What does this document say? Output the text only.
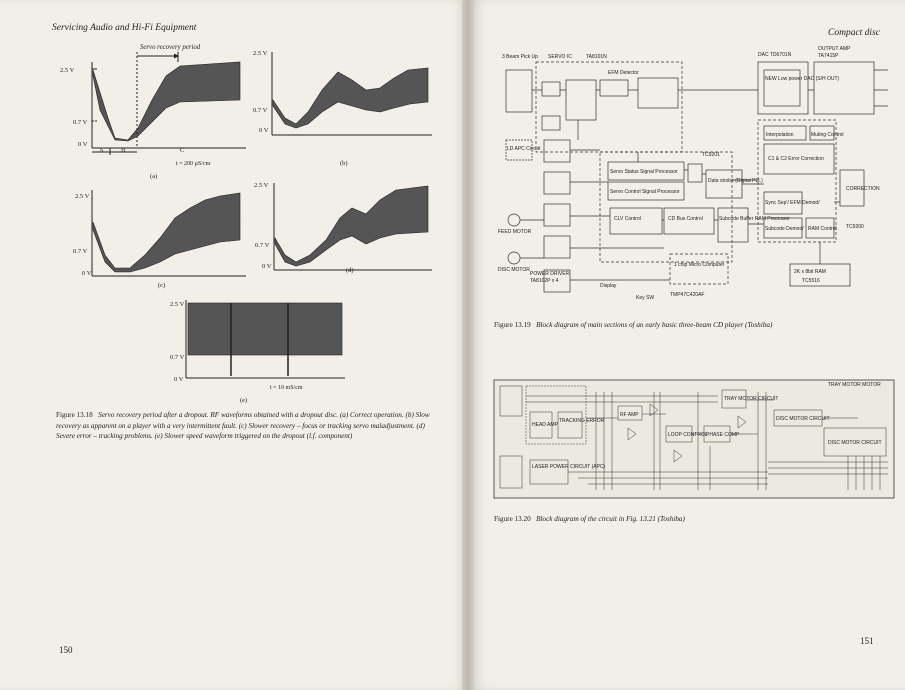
Servicing Audio and Hi-Fi Equipment
2.5 V
0.7 V
0 V
Servo recovery period
A	B	C
t = 200 µS/cm
(a)
2.5 V
0.7 V
0 V
(b)
2.5 V
0.7 V
0 V
(c)
2.5 V
0.7 V
0 V
(d)
2.5 V
0.7 V
0 V
t = 10 mS/cm
(e)
Figure 13.18 Servo recovery period after a dropout. RF waveforms obtained with a dropout disc. (a) Correct operation. (b) Slow recovery as apparent on a player with a very intermittent fault. (c) Slower recovery – focus or tracking servo maladjustment. (d) Severe error – tracking problems. (e) Slower speed waveform triggered on the dropout (l.f. component)
150
Compact disc
3 Beam Pick Up SERVO IC	TA8101N
EFM Detector
DAC TD6701N
OUTPUT AMP
TA7415P
NEW Low power DAC (S/H OUT)
LD APC Circuit
TC9201
Servo Status Signal Processor
Servo Control Signal Processor
Data strobe (Digital PLL)
CLV Control	CD Bus Control	Subcode Buffer RAM Processor
Interpolation	Muting Control
C1 & C2 Error Correction
CORRECTION
Sync Sep'/ EFM Demod/
Subcode Demod/ RAM Control TC9200
2K x 8bit RAM
TC5516
FEED MOTOR
DISC MOTOR
POWER DRIVER
TA8102P x 4
1 chip Micro Computer
TMP47C420AF
Display
Key SW
Figure 13.19 Block diagram of main sections of an early basic three-beam CD player (Toshiba)
HEAD AMP
TRACKING ERROR
LASER POWER CIRCUIT (APC)
RF AMP
LOOP CONTROL
PHASE COMP
TRAY MOTOR CIRCUIT
DISC MOTOR CIRCUIT
DISC MOTOR CIRCUIT
TRAY MOTOR MOTOR
Figure 13.20 Block diagram of the circuit in Fig. 13.21 (Toshiba)
151
